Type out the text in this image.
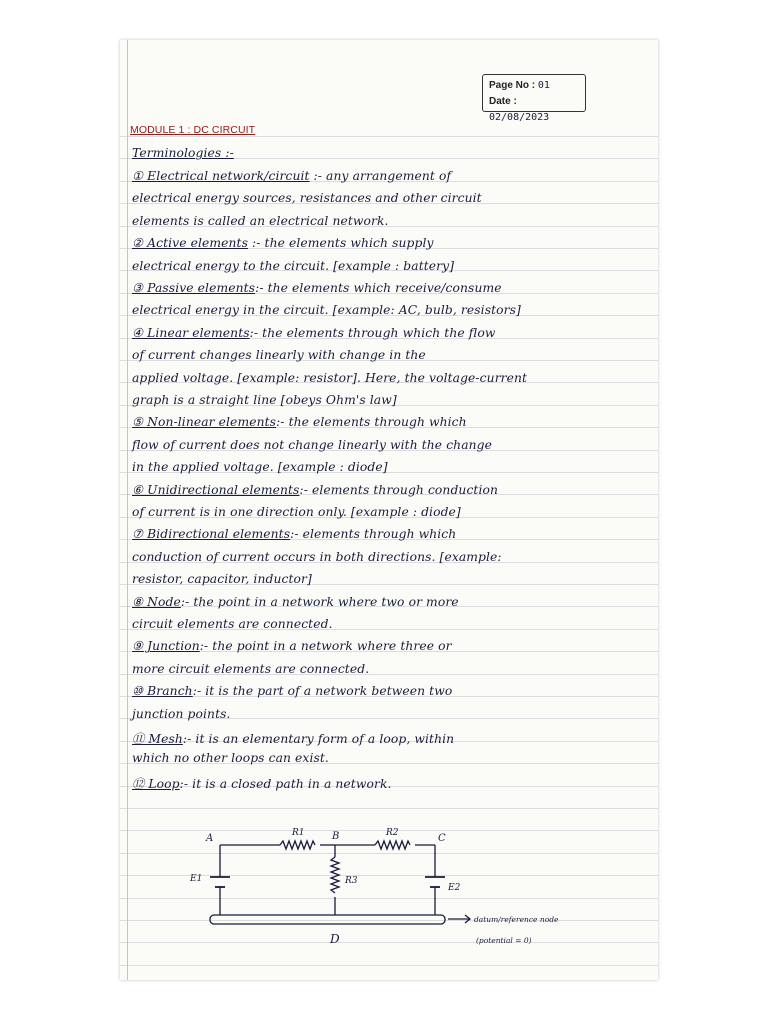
Page No : 01
Date : 02/08/2023
MODULE 1 : DC CIRCUIT
Terminologies :-
① Electrical network/circuit :- any arrangement of
electrical energy sources, resistances and other circuit
elements is called an electrical network.
② Active elements :- the elements which supply
electrical energy to the circuit. [example : battery]
③ Passive elements:- the elements which receive/consume
electrical energy in the circuit. [example: AC, bulb, resistors]
④ Linear elements:- the elements through which the flow
of current changes linearly with change in the
applied voltage. [example: resistor]. Here, the voltage-current
graph is a straight line [obeys Ohm's law]
⑤ Non-linear elements:- the elements through which
flow of current does not change linearly with the change
in the applied voltage. [example : diode]
⑥ Unidirectional elements:- elements through conduction
of current is in one direction only. [example : diode]
⑦ Bidirectional elements:- elements through which
conduction of current occurs in both directions. [example:
resistor, capacitor, inductor]
⑧ Node:- the point in a network where two or more
circuit elements are connected.
⑨ Junction:- the point in a network where three or
more circuit elements are connected.
⑩ Branch:- it is the part of a network between two
junction points.
⑪ Mesh:- it is an elementary form of a loop, within
which no other loops can exist.
⑫ Loop:- it is a closed path in a network.
A	B	C
D
R1	R2
R3
E1
E2
datum/reference node
(potential = 0)
